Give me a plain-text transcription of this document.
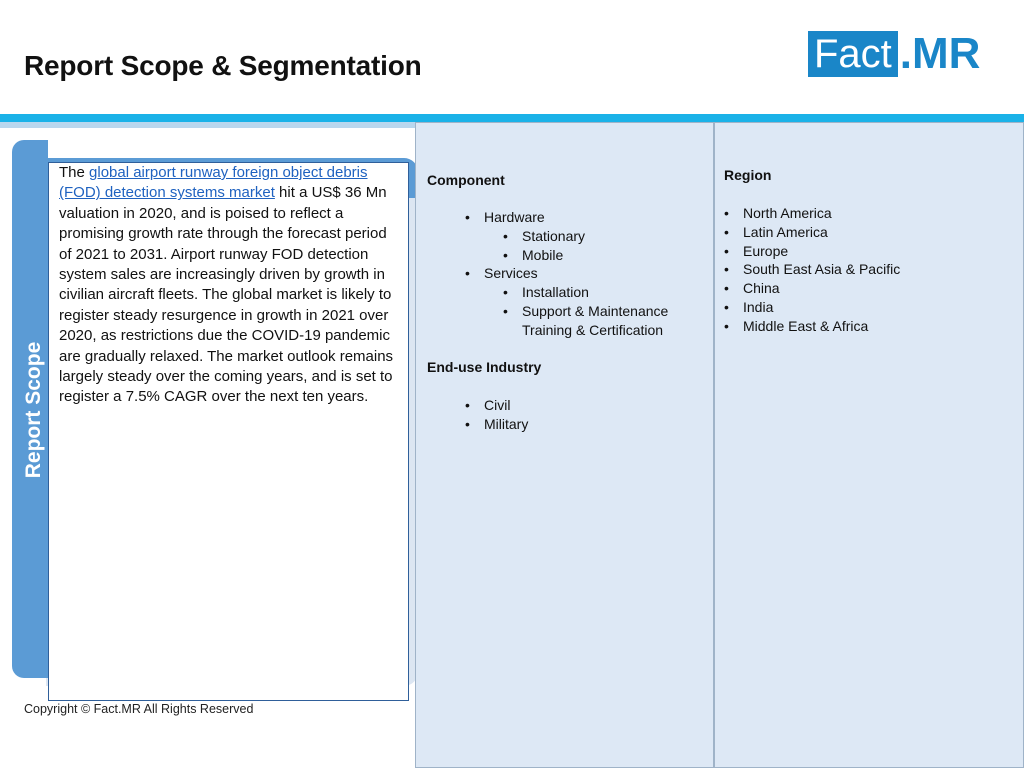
Report Scope & Segmentation	Fact .MR
Report Scope

The global airport runway foreign object debris (FOD) detection systems market hit a US$ 36 Mn valuation in 2020, and is poised to reflect a promising growth rate through the forecast period of 2021 to 2031. Airport runway FOD detection system sales are increasingly driven by growth in civilian aircraft fleets. The global market is likely to register steady resurgence in growth in 2021 over 2020, as restrictions due the COVID-19 pandemic are gradually relaxed. The market outlook remains largely steady over the coming years, and is set to register a 7.5% CAGR over the next ten years.

Copyright © Fact.MR All Rights Reserved
Component
• Hardware
• Stationary
• Mobile
• Services
• Installation
• Support & Maintenance
Training & Certification
End-use Industry
• Civil
• Military
Region
• North America
• Latin America
• Europe
• South East Asia & Pacific
• China
• India
• Middle East & Africa
